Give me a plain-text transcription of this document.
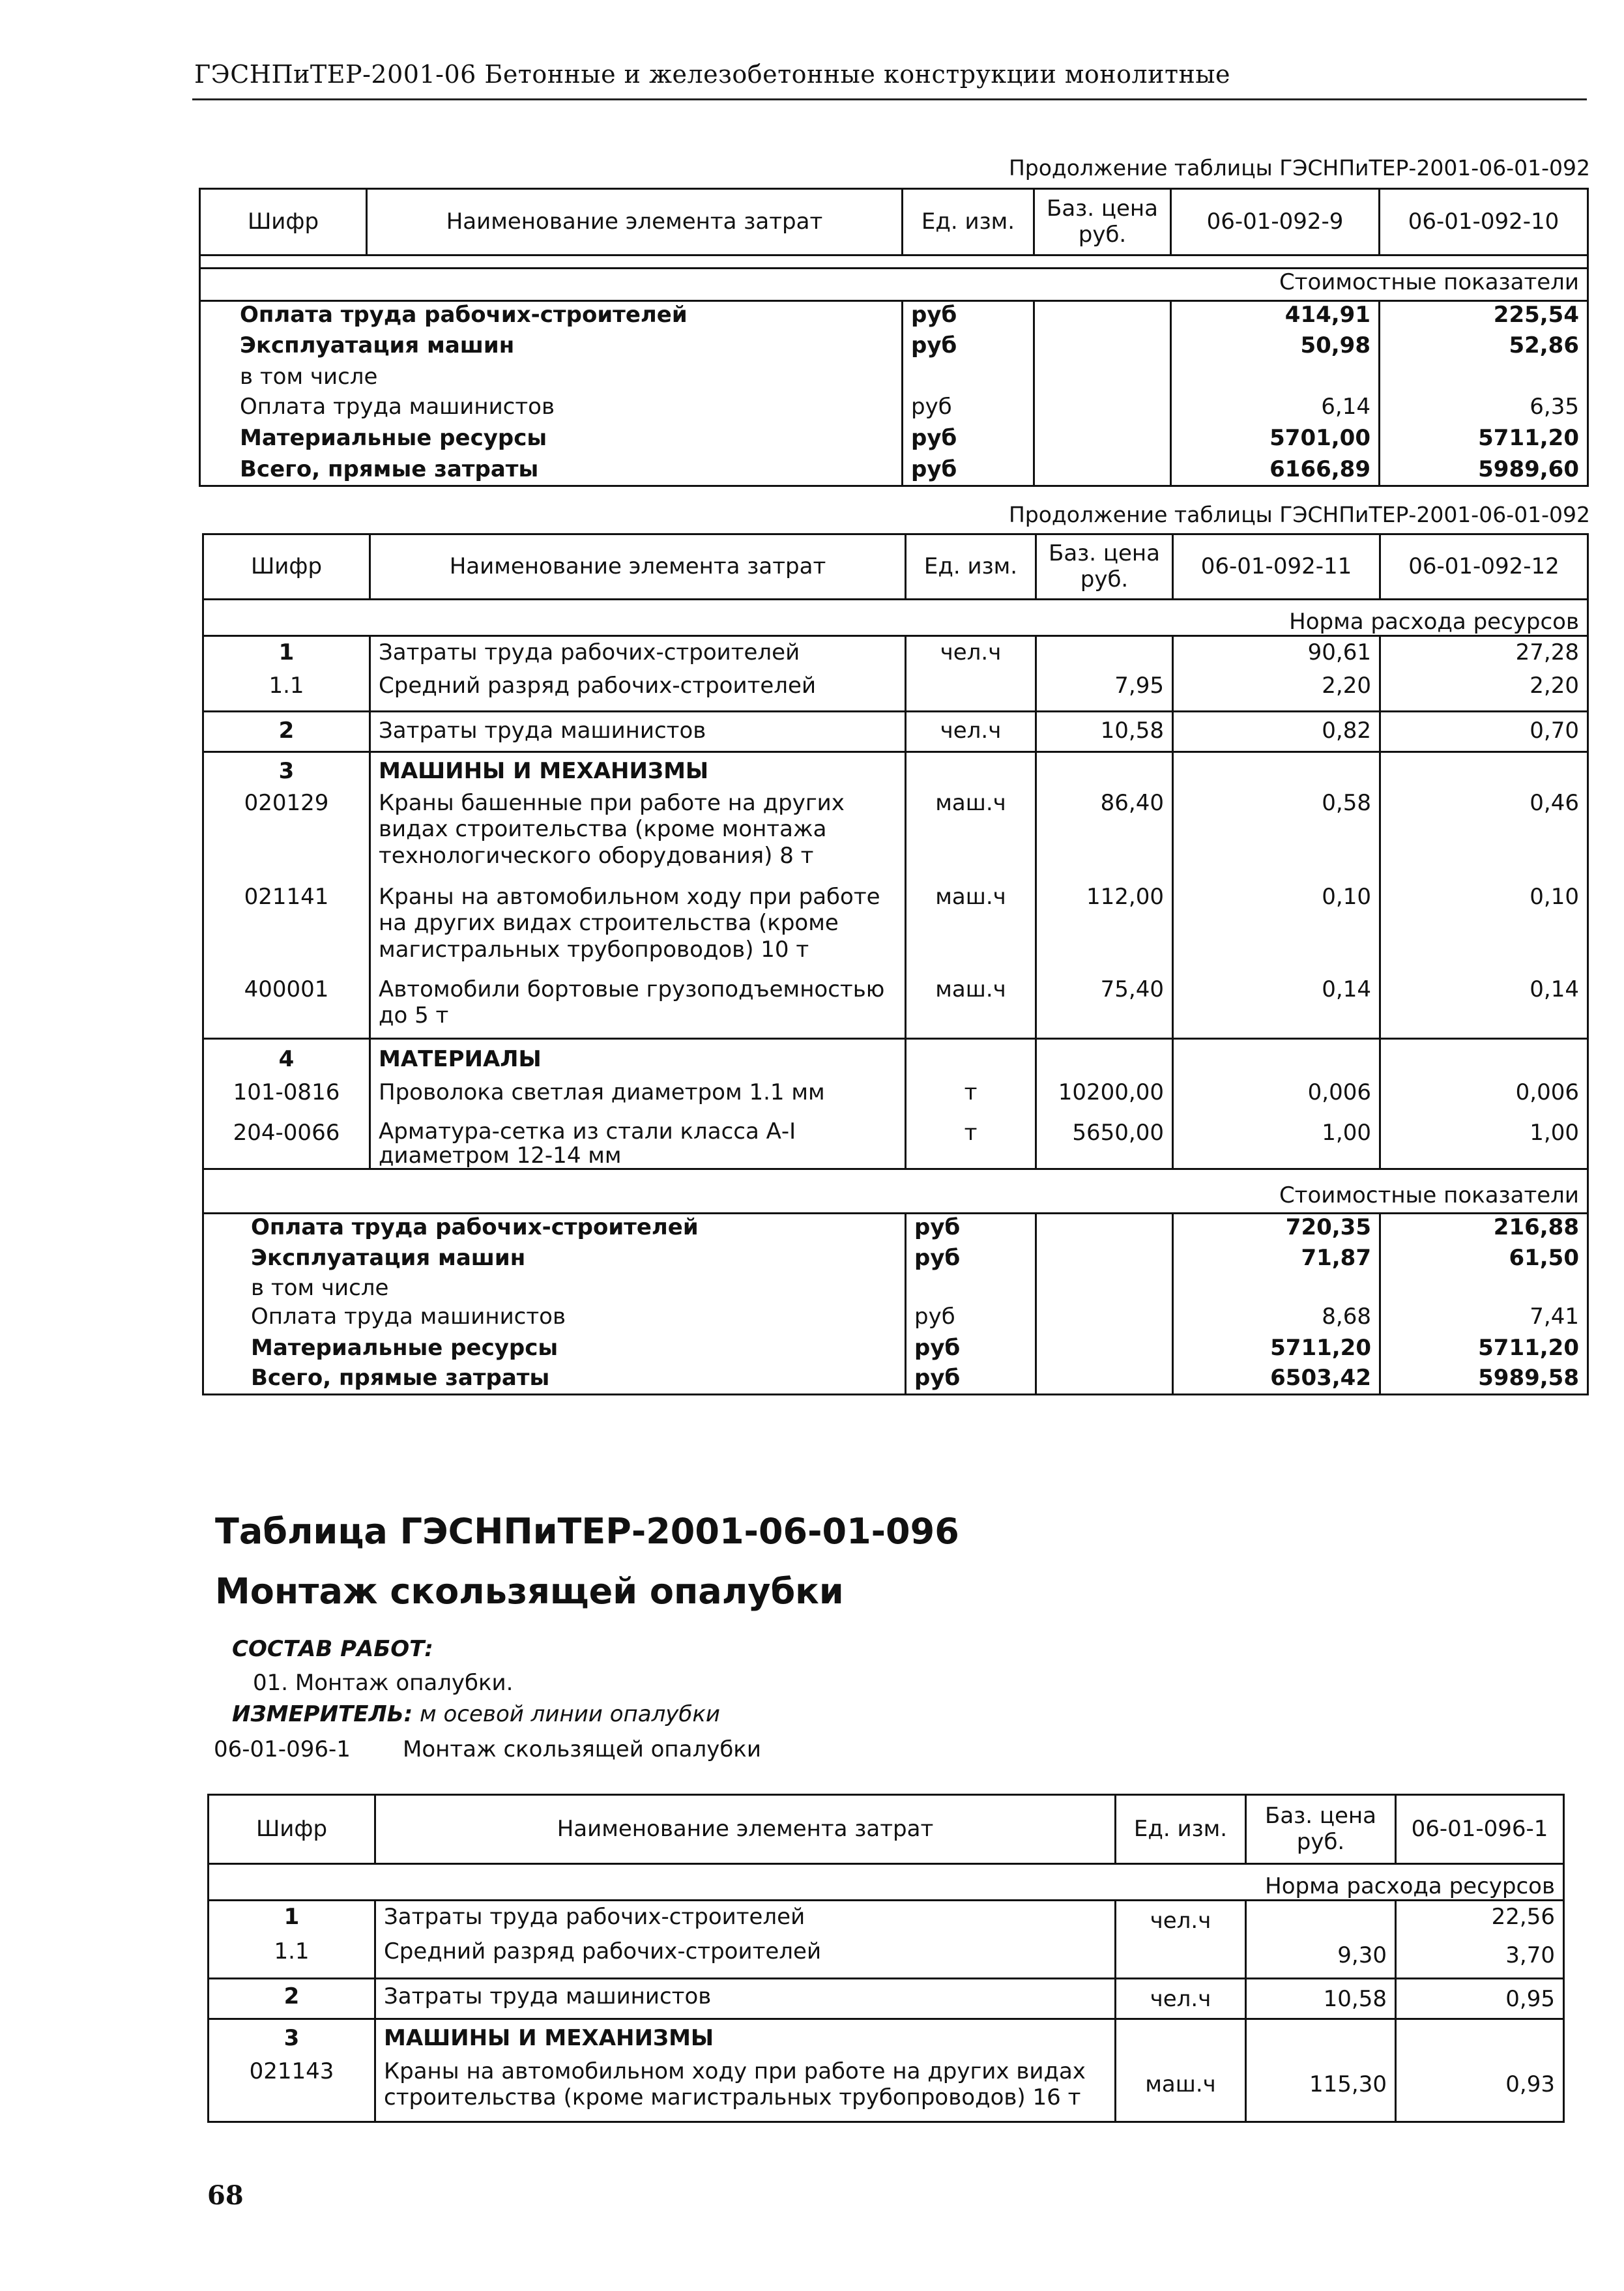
ГЭСНПиТЕР-2001-06 Бетонные и железобетонные конструкции монолитные
Продолжение таблицы ГЭСНПиТЕР-2001-06-01-092
Шифр	Наименование элемента затрат	Ед. изм.	Баз. цена руб.	06-01-092-9	06-01-092-10

				Стоимостные показатели	
Оплата труда рабочих-строителей		руб		414,91	225,54
Эксплуатация машин		руб		50,98	52,86
в том числе					
Оплата труда машинистов		руб		6,14	6,35
Материальные ресурсы		руб		5701,00	5711,20
Всего, прямые затраты		руб		6166,89	5989,60
Продолжение таблицы ГЭСНПиТЕР-2001-06-01-092
Шифр	Наименование элемента затрат	Ед. изм.	Баз. цена руб.	06-01-092-11	06-01-092-12
				Норма расхода ресурсов	
1	Затраты труда рабочих-строителей	чел.ч		90,61	27,28
1.1	Средний разряд рабочих-строителей		7,95	2,20	2,20
2	Затраты труда машинистов	чел.ч	10,58	0,82	0,70
3	МАШИНЫ И МЕХАНИЗМЫ				
020129	Краны башенные при работе на других видах строительства (кроме монтажа технологического оборудования) 8 т	маш.ч	86,40	0,58	0,46
021141	Краны на автомобильном ходу при работе на других видах строительства (кроме магистральных трубопроводов) 10 т	маш.ч	112,00	0,10	0,10
400001	Автомобили бортовые грузоподъемностью до 5 т	маш.ч	75,40	0,14	0,14
4	МАТЕРИАЛЫ				
101-0816	Проволока светлая диаметром 1.1 мм	т	10200,00	0,006	0,006
204-0066	Арматура-сетка из стали класса А-I диаметром 12-14 мм	т	5650,00	1,00	1,00

				Стоимостные показатели	
Оплата труда рабочих-строителей		руб		720,35	216,88
Эксплуатация машин		руб		71,87	61,50
в том числе					
Оплата труда машинистов		руб		8,68	7,41
Материальные ресурсы		руб		5711,20	5711,20
Всего, прямые затраты		руб		6503,42	5989,58
Таблица ГЭСНПиТЕР-2001-06-01-096
Монтаж скользящей опалубки
СОСТАВ РАБОТ:
01. Монтаж опалубки.
ИЗМЕРИТЕЛЬ: м осевой линии опалубки
06-01-096-1 Монтаж скользящей опалубки
Шифр	Наименование элемента затрат	Ед. изм.	Баз. цена руб.	06-01-096-1
			Норма расхода ресурсов	
1	Затраты труда рабочих-строителей	чел.ч		22,56
1.1	Средний разряд рабочих-строителей		9,30	3,70
2	Затраты труда машинистов	чел.ч	10,58	0,95
3	МАШИНЫ И МЕХАНИЗМЫ			
021143	Краны на автомобильном ходу при работе на других видах строительства (кроме магистральных трубопроводов) 16 т	маш.ч	115,30	0,93
68
